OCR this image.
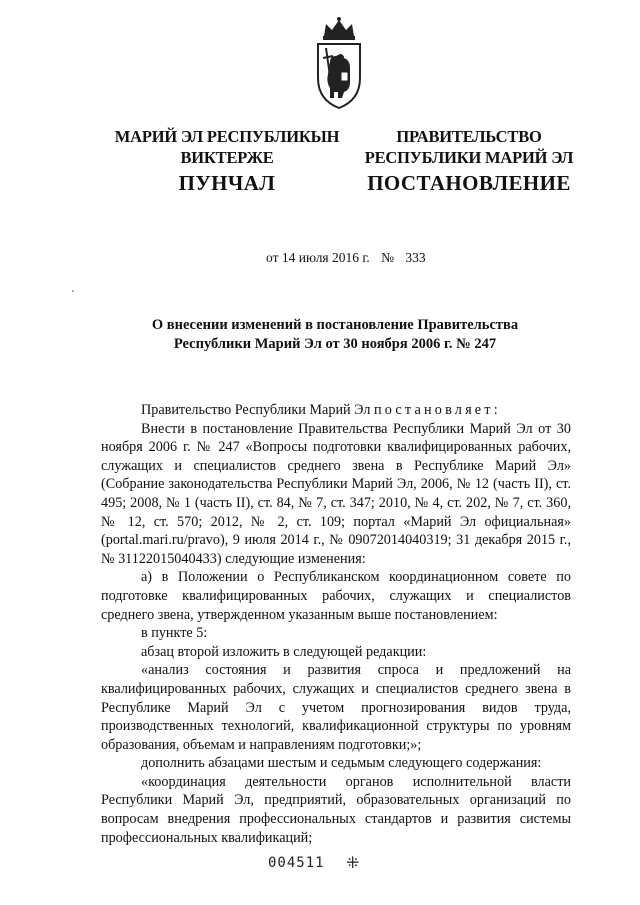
МАРИЙ ЭЛ РЕСПУБЛИКЫН
ВИКТЕРЖЕ
ПРАВИТЕЛЬСТВО
РЕСПУБЛИКИ МАРИЙ ЭЛ
ПУНЧАЛ	ПОСТАНОВЛЕНИЕ
от 14 июля 2016 г. № 333
О внесении изменений в постановление Правительства
Республики Марий Эл от 30 ноября 2006 г. № 247

Правительство Республики Марий Эл постановляет:

Внести в постановление Правительства Республики Марий Эл от 30 ноября 2006 г. № 247 «Вопросы подготовки квалифицированных рабочих, служащих и специалистов среднего звена в Республике Марий Эл» (Собрание законодательства Республики Марий Эл, 2006, № 12 (часть II), ст. 495; 2008, № 1 (часть II), ст. 84, № 7, ст. 347; 2010, № 4, ст. 202, № 7, ст. 360, № 12, ст. 570; 2012, № 2, ст. 109; портал «Марий Эл официальная» (portal.mari.ru/pravo), 9 июля 2014 г., № 09072014040319; 31 декабря 2015 г., № 31122015040433) следующие изменения:

а) в Положении о Республиканском координационном совете по подготовке квалифицированных рабочих, служащих и специалистов среднего звена, утвержденном указанным выше постановлением:

в пункте 5:

абзац второй изложить в следующей редакции:

«анализ состояния и развития спроса и предложений на квалифицированных рабочих, служащих и специалистов среднего звена в Республике Марий Эл с учетом прогнозирования видов труда, производственных технологий, квалификационной структуры по уровням образования, объемам и направлениям подготовки;»;

дополнить абзацами шестым и седьмым следующего содержания:

«координация деятельности органов исполнительной власти Республики Марий Эл, предприятий, образовательных организаций по вопросам внедрения профессиональных стандартов и развития системы профессиональных квалификаций;

004511 ⁜
